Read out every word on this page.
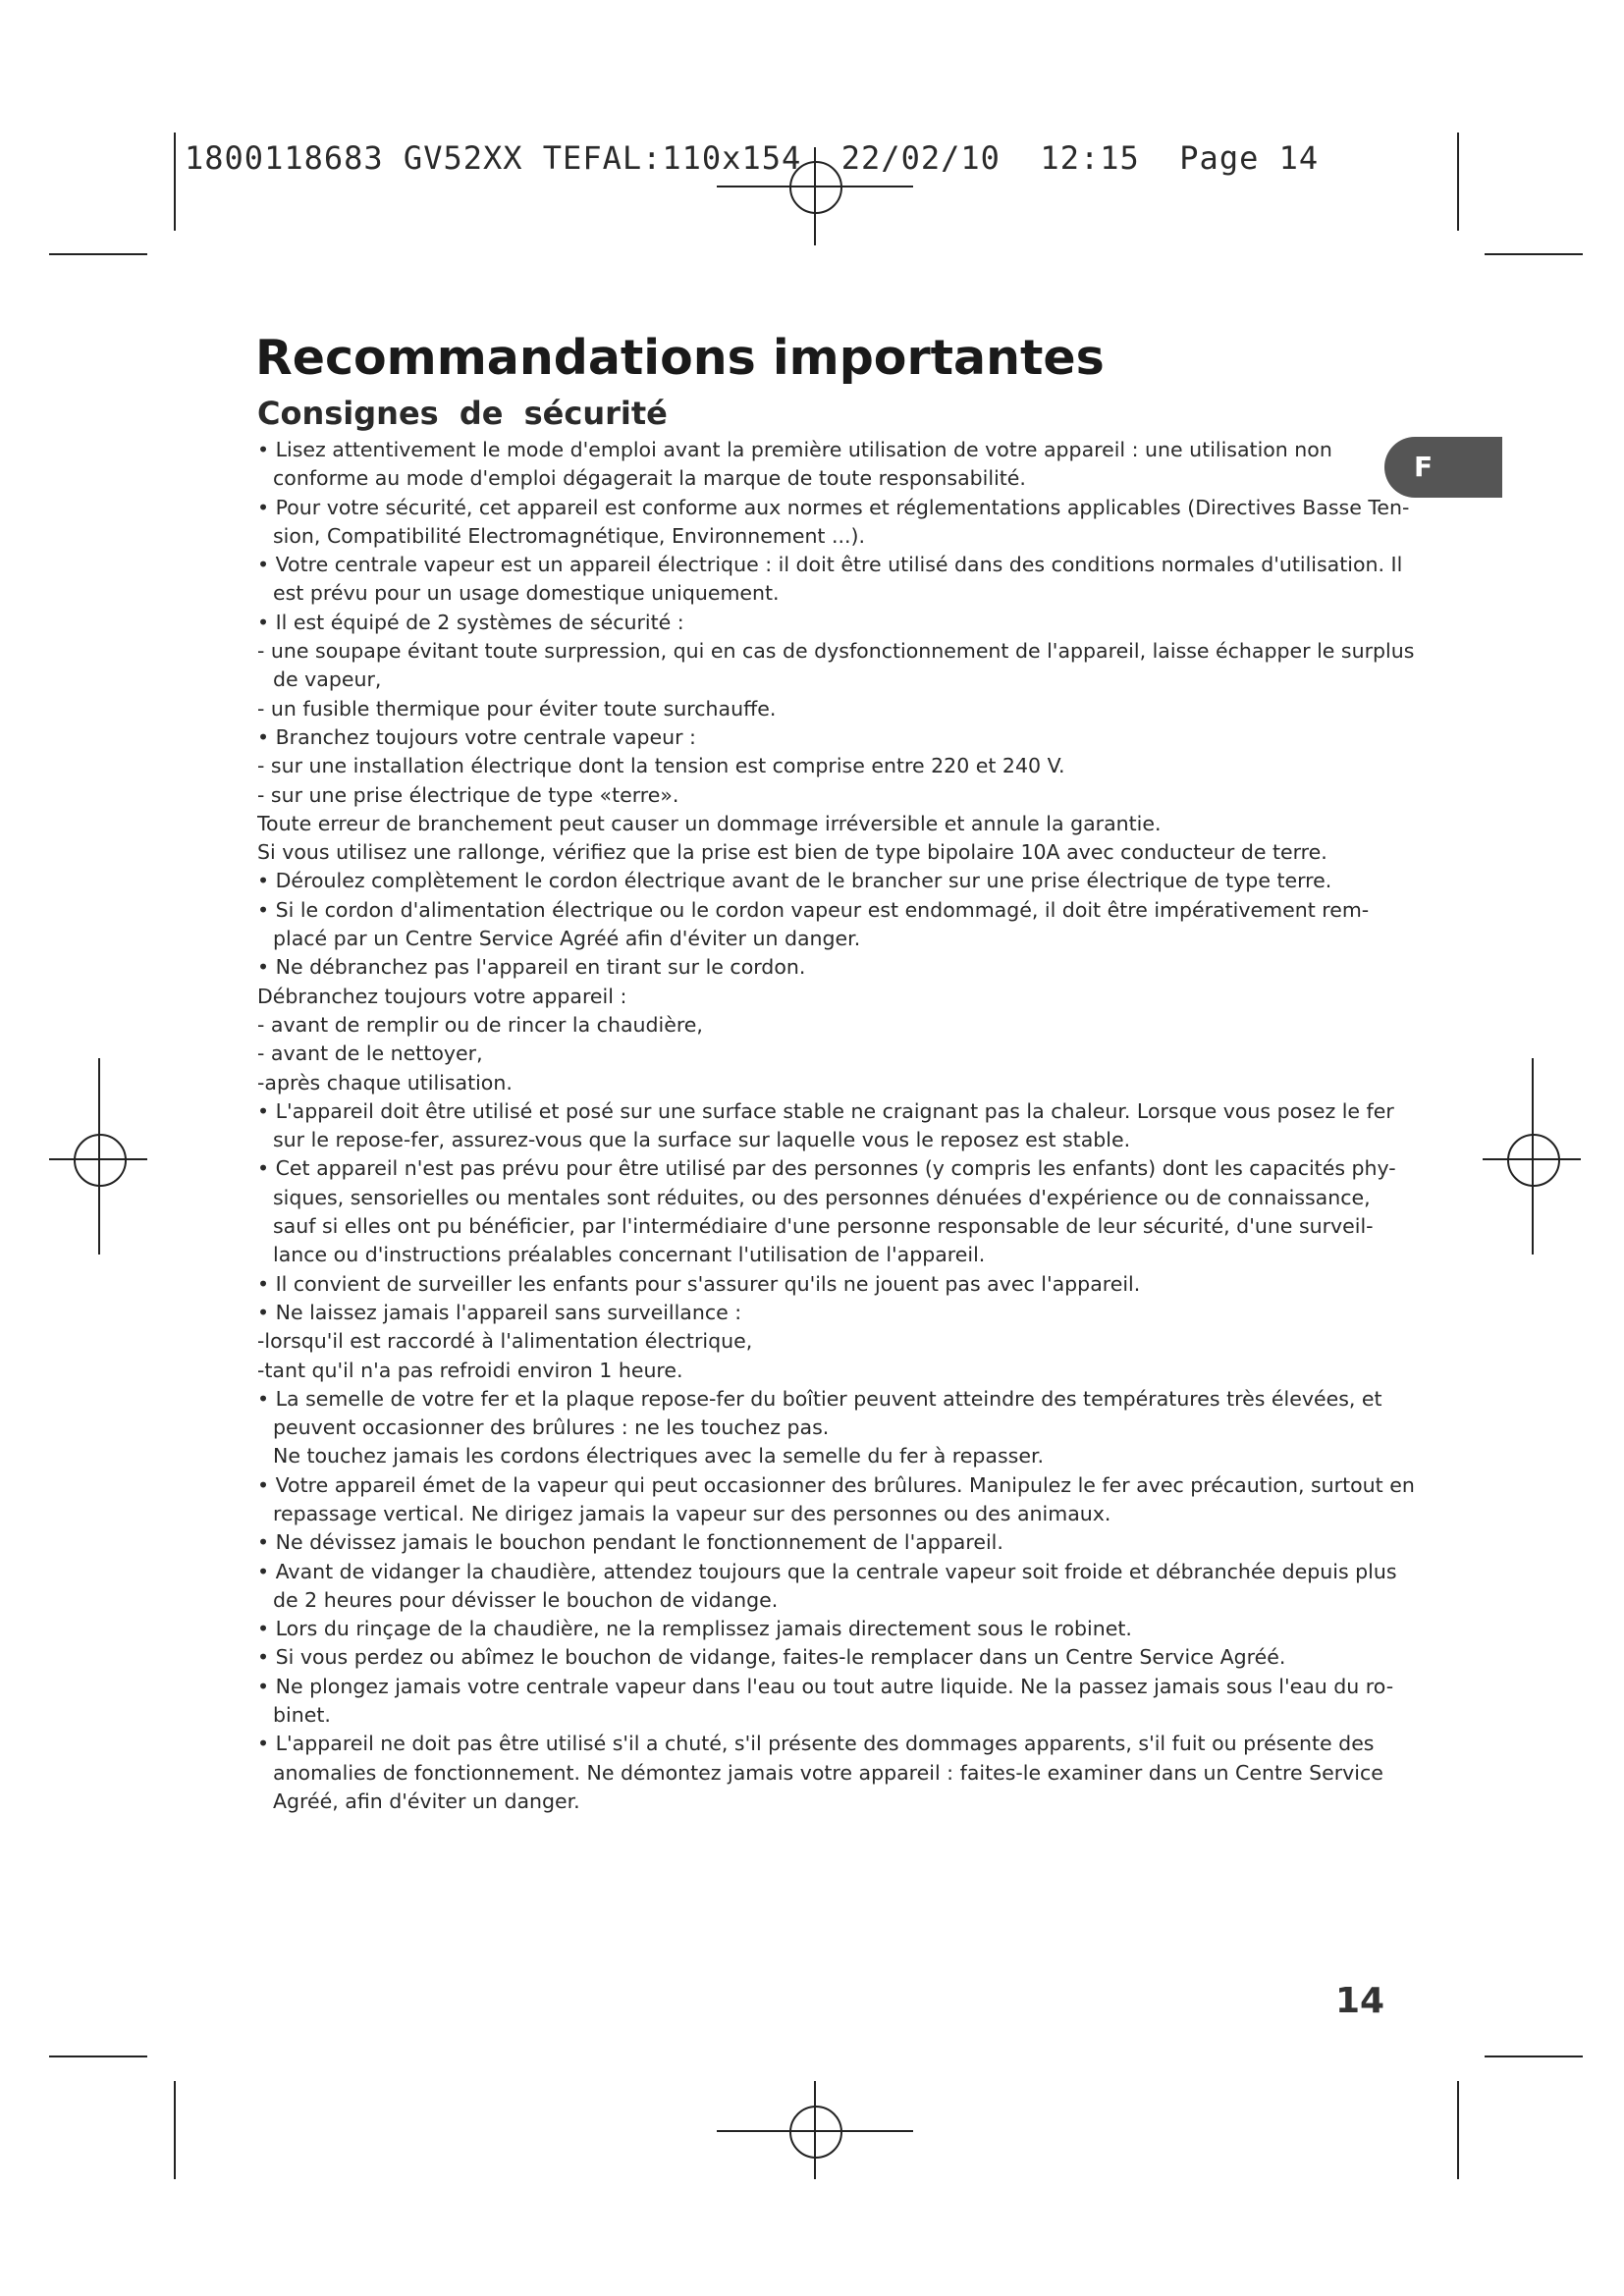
1800118683 GV52XX TEFAL:110x154  22/02/10  12:15  Page 14
Recommandations importantes
Consignes de sécurité
F
• Lisez attentivement le mode d'emploi avant la première utilisation de votre appareil : une utilisation non
conforme au mode d'emploi dégagerait la marque de toute responsabilité.
• Pour votre sécurité, cet appareil est conforme aux normes et réglementations applicables (Directives Basse Ten-
sion, Compatibilité Electromagnétique, Environnement ...).
• Votre centrale vapeur est un appareil électrique : il doit être utilisé dans des conditions normales d'utilisation. Il
est prévu pour un usage domestique uniquement.
• Il est équipé de 2 systèmes de sécurité :
- une soupape évitant toute surpression, qui en cas de dysfonctionnement de l'appareil, laisse échapper le surplus
de vapeur,
- un fusible thermique pour éviter toute surchauffe.
• Branchez toujours votre centrale vapeur :
- sur une installation électrique dont la tension est comprise entre 220 et 240 V.
- sur une prise électrique de type «terre».
Toute erreur de branchement peut causer un dommage irréversible et annule la garantie.
Si vous utilisez une rallonge, vérifiez que la prise est bien de type bipolaire 10A avec conducteur de terre.
• Déroulez complètement le cordon électrique avant de le brancher sur une prise électrique de type terre.
• Si le cordon d'alimentation électrique ou le cordon vapeur est endommagé, il doit être impérativement rem-
placé par un Centre Service Agréé afin d'éviter un danger.
• Ne débranchez pas l'appareil en tirant sur le cordon.
Débranchez toujours votre appareil :
- avant de remplir ou de rincer la chaudière,
- avant de le nettoyer,
-après chaque utilisation.
• L'appareil doit être utilisé et posé sur une surface stable ne craignant pas la chaleur. Lorsque vous posez le fer
sur le repose-fer, assurez-vous que la surface sur laquelle vous le reposez est stable.
• Cet appareil n'est pas prévu pour être utilisé par des personnes (y compris les enfants) dont les capacités phy-
siques, sensorielles ou mentales sont réduites, ou des personnes dénuées d'expérience ou de connaissance,
sauf si elles ont pu bénéficier, par l'intermédiaire d'une personne responsable de leur sécurité, d'une surveil-
lance ou d'instructions préalables concernant l'utilisation de l'appareil.
• Il convient de surveiller les enfants pour s'assurer qu'ils ne jouent pas avec l'appareil.
• Ne laissez jamais l'appareil sans surveillance :
-lorsqu'il est raccordé à l'alimentation électrique,
-tant qu'il n'a pas refroidi environ 1 heure.
• La semelle de votre fer et la plaque repose-fer du boîtier peuvent atteindre des températures très élevées, et
peuvent occasionner des brûlures : ne les touchez pas.
Ne touchez jamais les cordons électriques avec la semelle du fer à repasser.
• Votre appareil émet de la vapeur qui peut occasionner des brûlures. Manipulez le fer avec précaution, surtout en
repassage vertical. Ne dirigez jamais la vapeur sur des personnes ou des animaux.
• Ne dévissez jamais le bouchon pendant le fonctionnement de l'appareil.
• Avant de vidanger la chaudière, attendez toujours que la centrale vapeur soit froide et débranchée depuis plus
de 2 heures pour dévisser le bouchon de vidange.
• Lors du rinçage de la chaudière, ne la remplissez jamais directement sous le robinet.
• Si vous perdez ou abîmez le bouchon de vidange, faites-le remplacer dans un Centre Service Agréé.
• Ne plongez jamais votre centrale vapeur dans l'eau ou tout autre liquide. Ne la passez jamais sous l'eau du ro-
binet.
• L'appareil ne doit pas être utilisé s'il a chuté, s'il présente des dommages apparents, s'il fuit ou présente des
anomalies de fonctionnement. Ne démontez jamais votre appareil : faites-le examiner dans un Centre Service
Agréé, afin d'éviter un danger.
14
